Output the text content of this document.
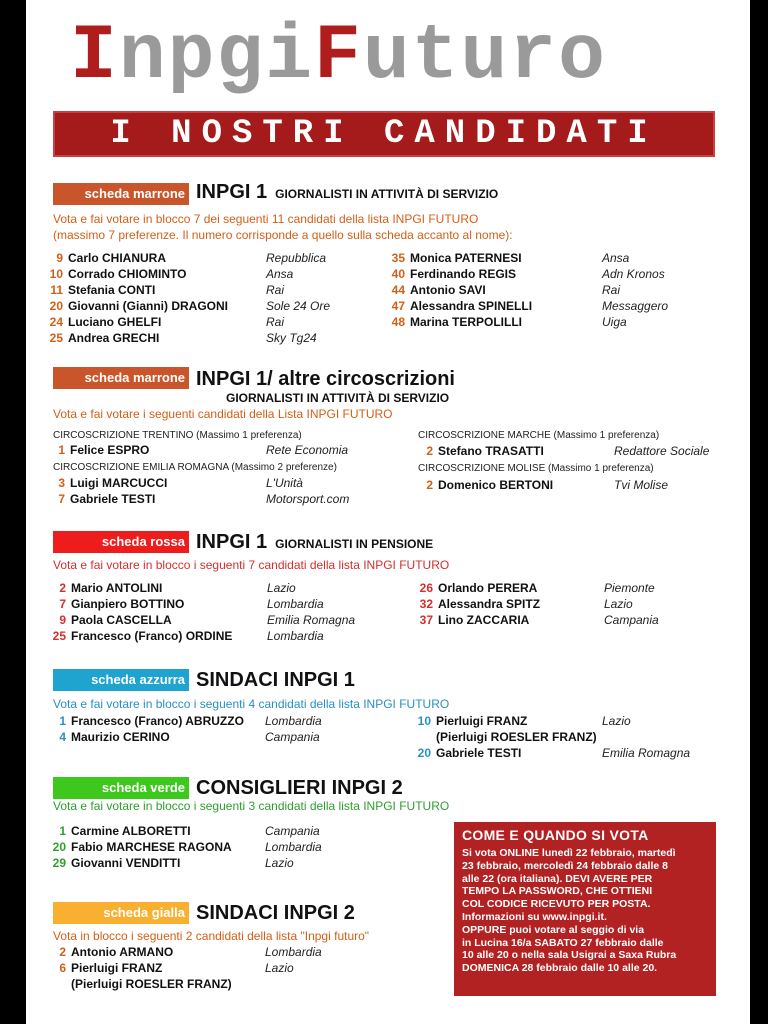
InpgiFuturo
I NOSTRI CANDIDATI
scheda marrone INPGI 1 GIORNALISTI IN ATTIVITÀ DI SERVIZIO
Vota e fai votare in blocco 7 dei seguenti 11 candidati della lista INPGI FUTURO
(massimo 7 preferenze. Il numero corrisponde a quello sulla scheda accanto al nome):
9 Carlo CHIANURA	Repubblica
10 Corrado CHIOMINTO	Ansa
11 Stefania CONTI	Rai
20 Giovanni (Gianni) DRAGONI	Sole 24 Ore
24 Luciano GHELFI	Rai
25 Andrea GRECHI	Sky Tg24
35 Monica PATERNESI	Ansa
40 Ferdinando REGIS	Adn Kronos
44 Antonio SAVI	Rai
47 Alessandra SPINELLI	Messaggero
48 Marina TERPOLILLI	Uiga
scheda marrone INPGI 1/ altre circoscrizioni
GIORNALISTI IN ATTIVITÀ DI SERVIZIO
Vota e fai votare i seguenti candidati della Lista INPGI FUTURO
CIRCOSCRIZIONE TRENTINO (Massimo 1 preferenza)
1 Felice ESPRO	Rete Economia
CIRCOSCRIZIONE EMILIA ROMAGNA (Massimo 2 preferenze)
3 Luigi MARCUCCI	L'Unità
7 Gabriele TESTI	Motorsport.com
CIRCOSCRIZIONE MARCHE (Massimo 1 preferenza)
2 Stefano TRASATTI	Redattore Sociale
CIRCOSCRIZIONE MOLISE (Massimo 1 preferenza)
2 Domenico BERTONI	Tvi Molise
scheda rossa INPGI 1 GIORNALISTI IN PENSIONE
Vota e fai votare in blocco i seguenti 7 candidati della lista INPGI FUTURO
2 Mario ANTOLINI	Lazio
7 Gianpiero BOTTINO	Lombardia
9 Paola CASCELLA	Emilia Romagna
25 Francesco (Franco) ORDINE	Lombardia
26 Orlando PERERA	Piemonte
32 Alessandra SPITZ	Lazio
37 Lino ZACCARIA	Campania
scheda azzurra SINDACI INPGI 1
Vota e fai votare in blocco i seguenti 4 candidati della lista INPGI FUTURO
1 Francesco (Franco) ABRUZZO Lombardia
4 Maurizio CERINO	Campania
10 Pierluigi FRANZ	Lazio
(Pierluigi ROESLER FRANZ)
20 Gabriele TESTI	Emilia Romagna
scheda verde CONSIGLIERI INPGI 2
Vota e fai votare in blocco i seguenti 3 candidati della lista INPGI FUTURO
1 Carmine ALBORETTI	Campania
20 Fabio MARCHESE RAGONA	Lombardia
29 Giovanni VENDITTI	Lazio
scheda gialla SINDACI INPGI 2
Vota in blocco i seguenti 2 candidati della lista "Inpgi futuro"
2 Antonio ARMANO	Lombardia
6 Pierluigi FRANZ	Lazio
(Pierluigi ROESLER FRANZ)
COME E QUANDO SI VOTA

Si vota ONLINE lunedì 22 febbraio, martedì
23 febbraio, mercoledì 24 febbraio dalle 8
alle 22 (ora italiana). DEVI AVERE PER
TEMPO LA PASSWORD, CHE OTTIENI
COL CODICE RICEVUTO PER POSTA.
Informazioni su www.inpgi.it.
OPPURE puoi votare al seggio di via
in Lucina 16/a SABATO 27 febbraio dalle
10 alle 20 o nella sala Usigrai a Saxa Rubra
DOMENICA 28 febbraio dalle 10 alle 20.
